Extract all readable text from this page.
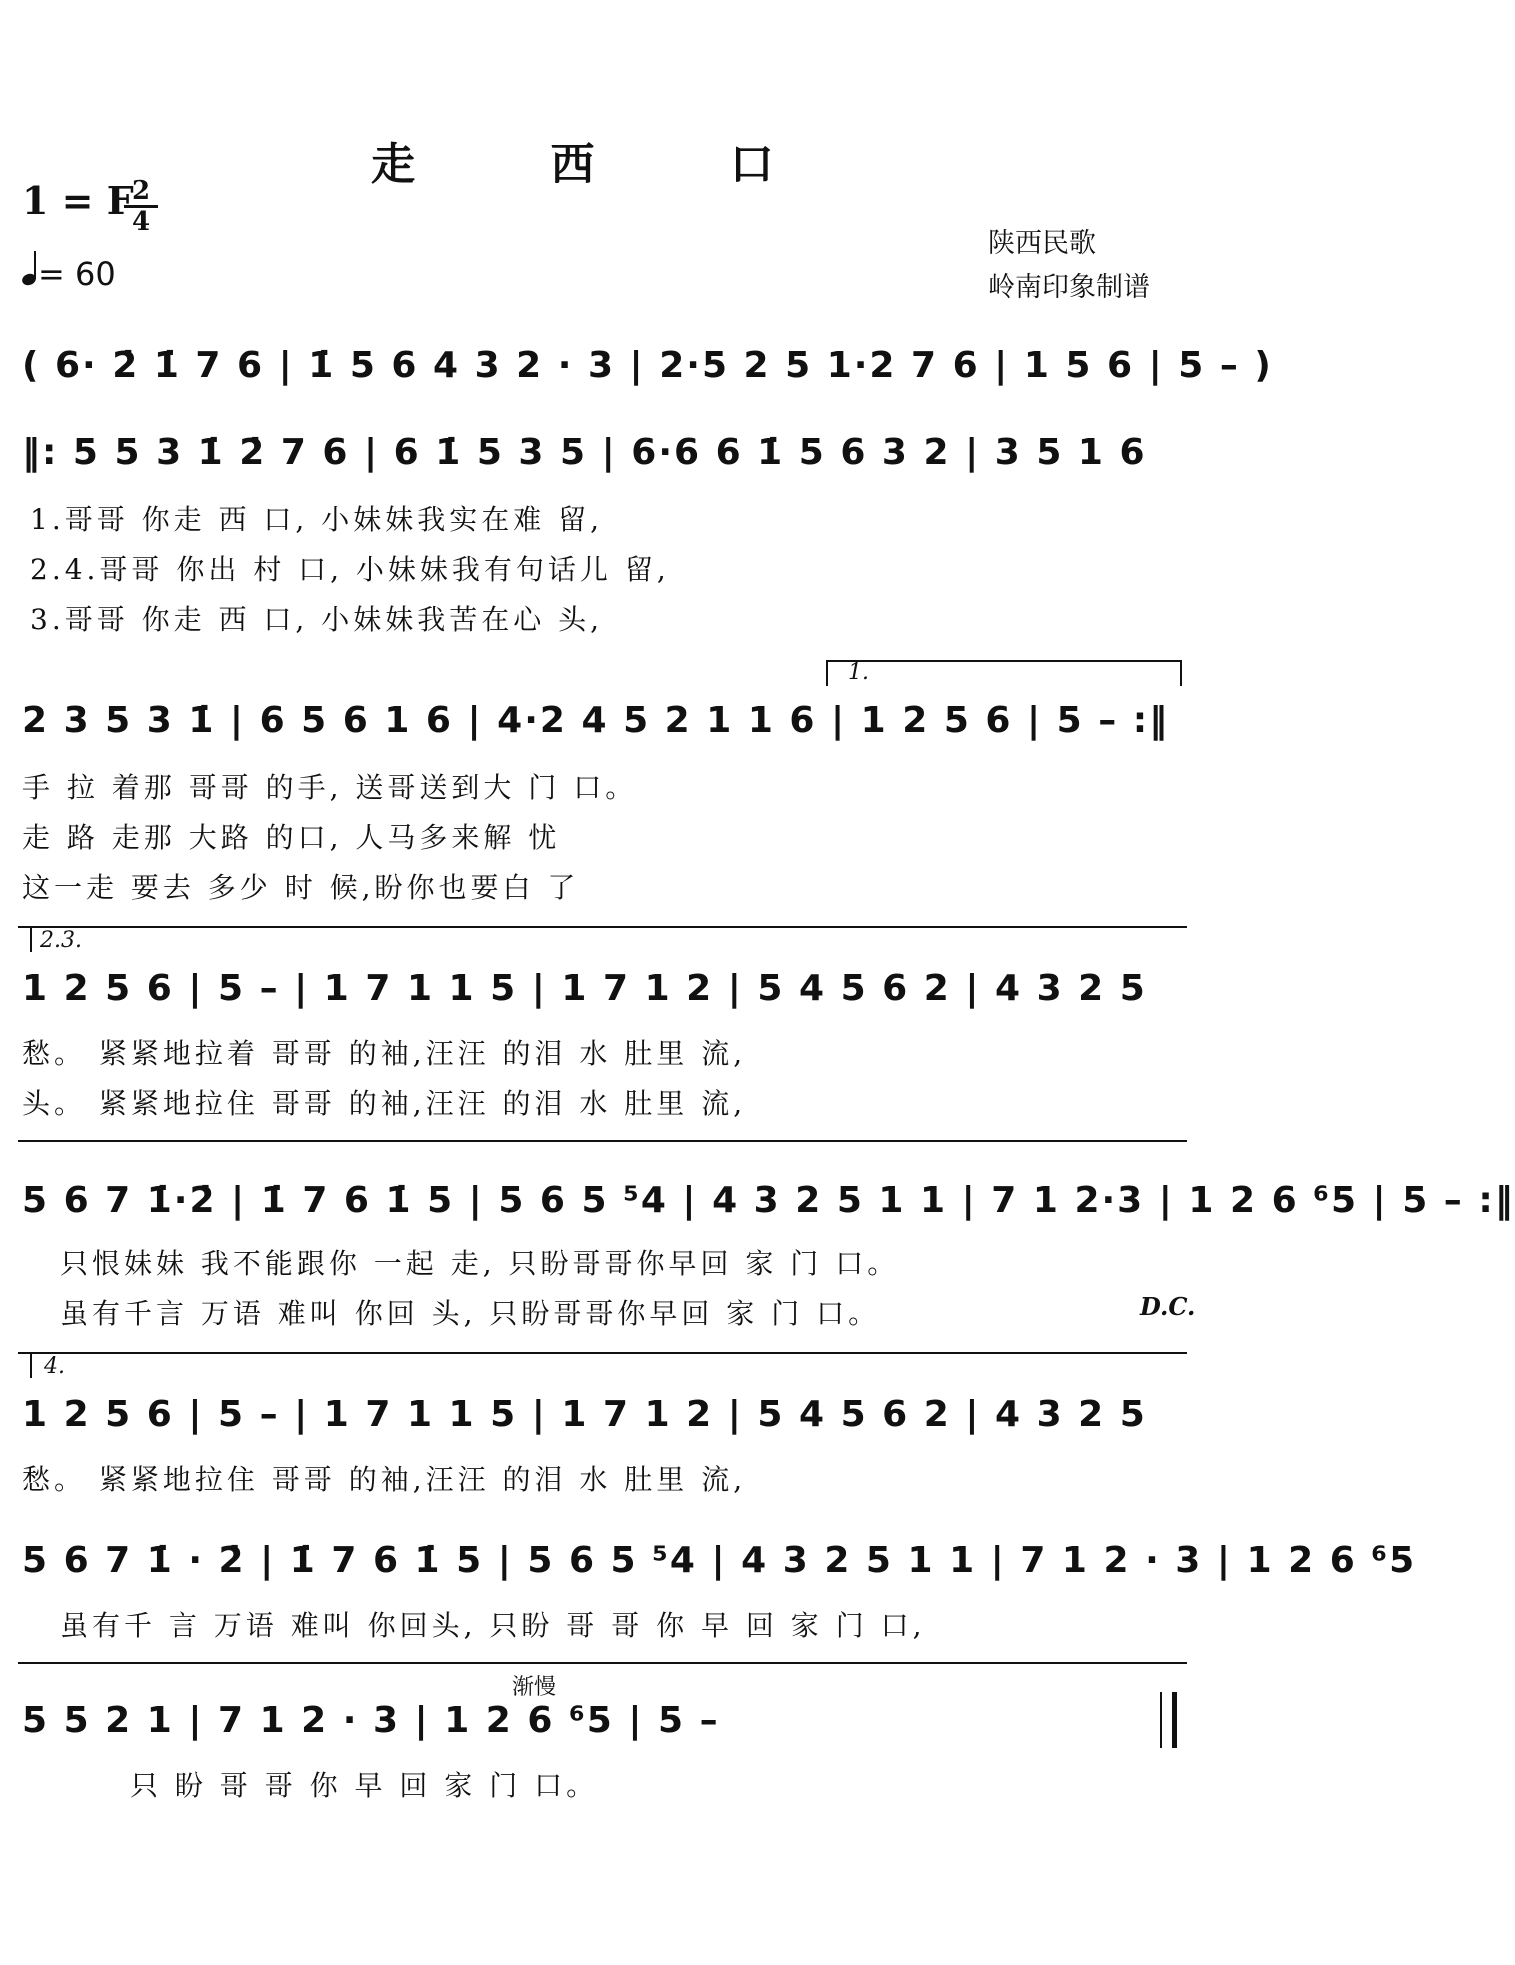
走 西 口
1 = F
2
4
= 60
陕西民歌
岭南印象制谱
( 6· 2̇ 1̇ 7 6 | 1̇ 5 6 4 3 2 · 3 | 2·5 2 5 1·2 7 6 | 1 5 6 | 5 – )
‖: 5 5 3 1̇ 2̇ 7 6 | 6 1̇ 5 3 5 | 6·6 6 1̇ 5 6 3 2 | 3 5 1 6
1.哥哥 你走 西 口, 小妹妹我实在难 留,
2.4.哥哥 你出 村 口, 小妹妹我有句话儿 留,
3.哥哥 你走 西 口, 小妹妹我苦在心 头,
1.
2 3 5 3 1̇ | 6 5 6 1 6 | 4·2 4 5 2 1 1 6 | 1 2 5 6 | 5 – :‖
手 拉 着那 哥哥 的手, 送哥送到大 门 口。
走 路 走那 大路 的口, 人马多来解 忧
这一走 要去 多少 时 候,盼你也要白 了
2.3.
1 2 5 6 | 5 – | 1 7 1 1 5 | 1 7 1 2 | 5 4 5 6 2 | 4 3 2 5
愁。 紧紧地拉着 哥哥 的袖,汪汪 的泪 水 肚里 流,
头。 紧紧地拉住 哥哥 的袖,汪汪 的泪 水 肚里 流,
5 6 7 1̇·2̇ | 1̇ 7 6 1̇ 5 | 5 6 5 ⁵4 | 4 3 2 5 1 1 | 7 1 2·3 | 1 2 6 ⁶5 | 5 – :‖
只恨妹妹 我不能跟你 一起 走, 只盼哥哥你早回 家 门 口。
虽有千言 万语 难叫 你回 头, 只盼哥哥你早回 家 门 口。	D.C.
4.
1 2 5 6 | 5 – | 1 7 1 1 5 | 1 7 1 2 | 5 4 5 6 2 | 4 3 2 5
愁。 紧紧地拉住 哥哥 的袖,汪汪 的泪 水 肚里 流,
5 6 7 1̇ · 2̇ | 1̇ 7 6 1̇ 5 | 5 6 5 ⁵4 | 4 3 2 5 1 1 | 7 1 2 · 3 | 1 2 6 ⁶5
虽有千 言 万语 难叫 你回头, 只盼 哥 哥 你 早 回 家 门 口,
渐慢
5 5 2 1 | 7 1 2 · 3 | 1 2 6 ⁶5 | 5 –
只 盼 哥 哥 你 早 回 家 门 口。
